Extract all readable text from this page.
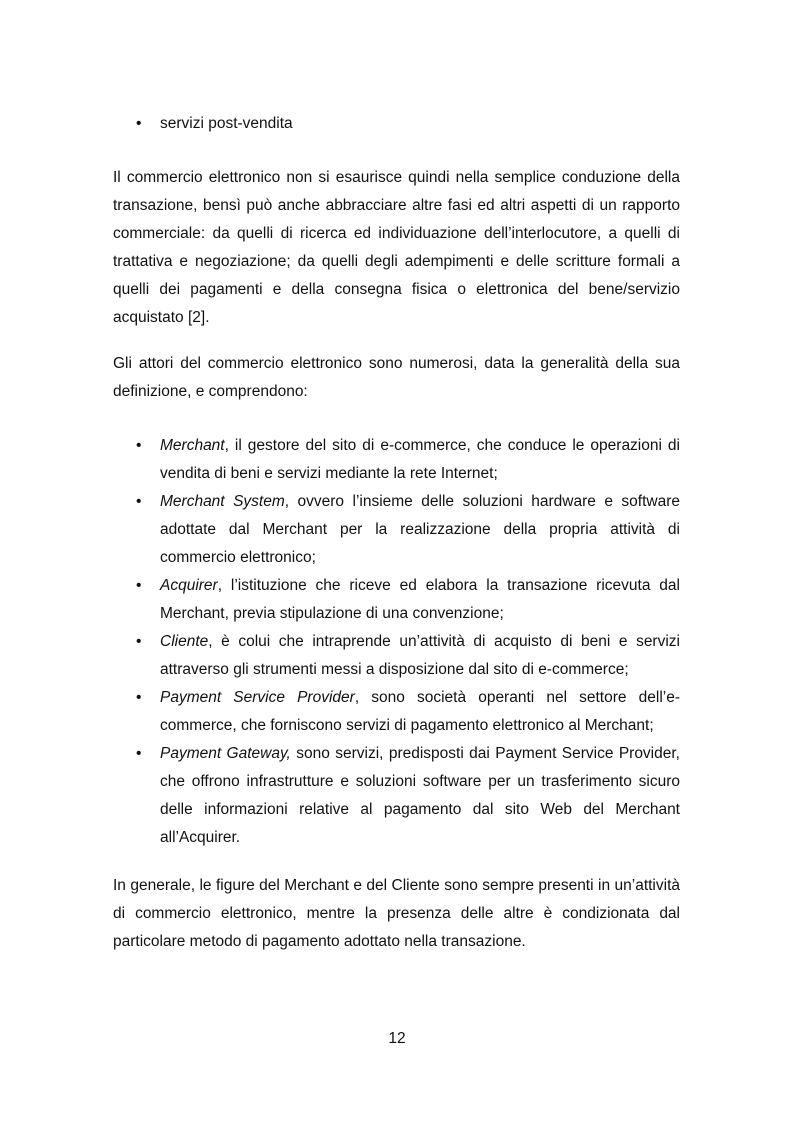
• servizi post-vendita

Il commercio elettronico non si esaurisce quindi nella semplice conduzione della transazione, bensì può anche abbracciare altre fasi ed altri aspetti di un rapporto commerciale: da quelli di ricerca ed individuazione dell’interlocutore, a quelli di trattativa e negoziazione; da quelli degli adempimenti e delle scritture formali a quelli dei pagamenti e della consegna fisica o elettronica del bene/servizio acquistato [2].

Gli attori del commercio elettronico sono numerosi, data la generalità della sua definizione, e comprendono:

• Merchant, il gestore del sito di e-commerce, che conduce le operazioni di vendita di beni e servizi mediante la rete Internet;
• Merchant System, ovvero l’insieme delle soluzioni hardware e software adottate dal Merchant per la realizzazione della propria attività di commercio elettronico;
• Acquirer, l’istituzione che riceve ed elabora la transazione ricevuta dal Merchant, previa stipulazione di una convenzione;
• Cliente, è colui che intraprende un’attività di acquisto di beni e servizi attraverso gli strumenti messi a disposizione dal sito di e-commerce;
• Payment Service Provider, sono società operanti nel settore dell’e-commerce, che forniscono servizi di pagamento elettronico al Merchant;
• Payment Gateway, sono servizi, predisposti dai Payment Service Provider, che offrono infrastrutture e soluzioni software per un trasferimento sicuro delle informazioni relative al pagamento dal sito Web del Merchant all’Acquirer.

In generale, le figure del Merchant e del Cliente sono sempre presenti in un’attività di commercio elettronico, mentre la presenza delle altre è condizionata dal particolare metodo di pagamento adottato nella transazione.

12
